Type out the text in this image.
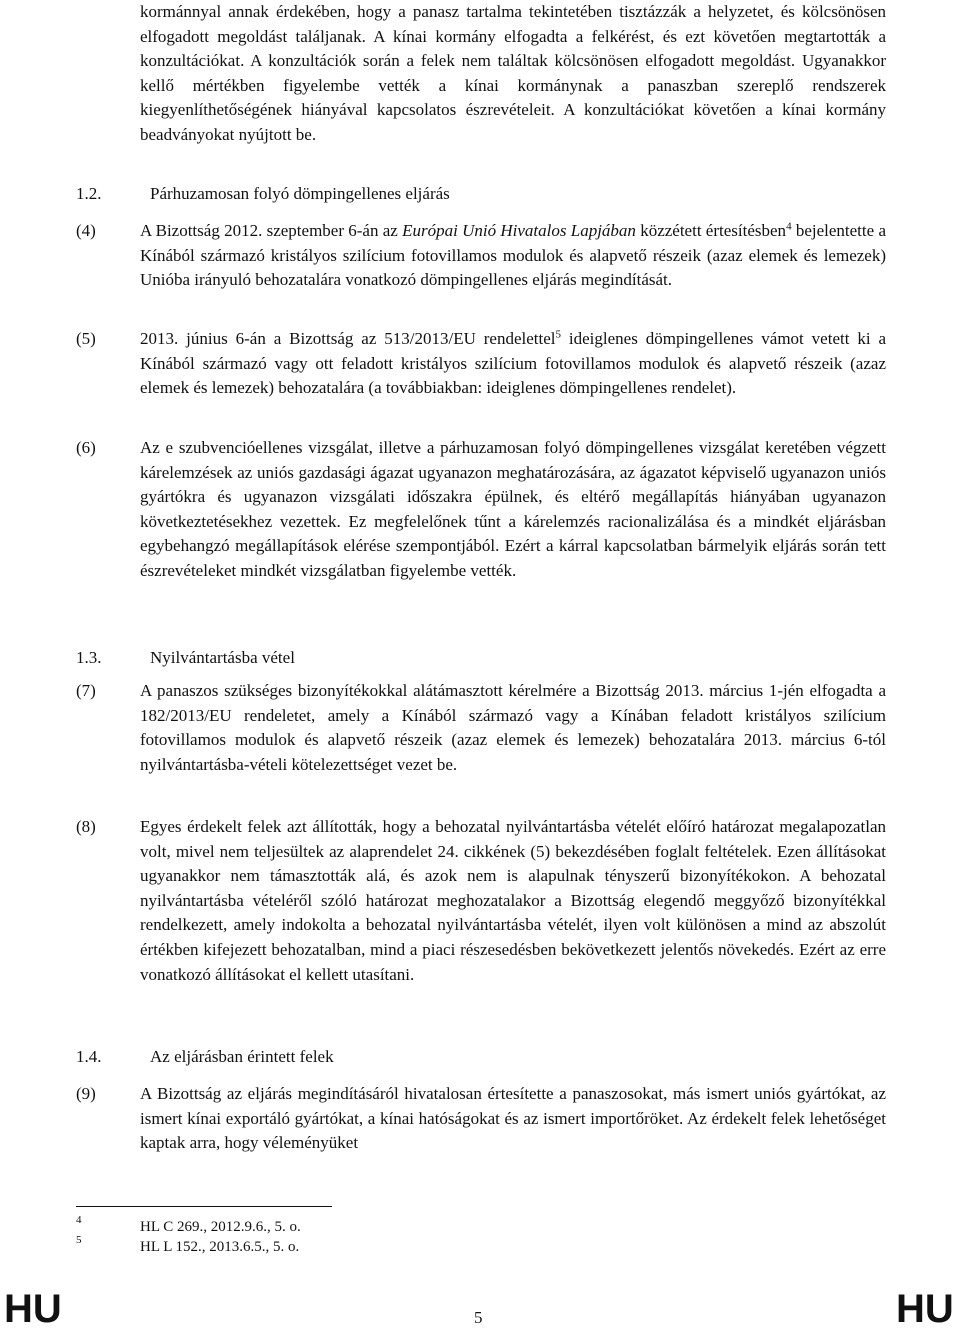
kormánnyal annak érdekében, hogy a panasz tartalma tekintetében tisztázzák a helyzetet, és kölcsönösen elfogadott megoldást találjanak. A kínai kormány elfogadta a felkérést, és ezt követően megtartották a konzultációkat. A konzultációk során a felek nem találtak kölcsönösen elfogadott megoldást. Ugyanakkor kellő mértékben figyelembe vették a kínai kormánynak a panaszban szereplő rendszerek kiegyenlíthetőségének hiányával kapcsolatos észrevételeit. A konzultációkat követően a kínai kormány beadványokat nyújtott be.

1.2.	Párhuzamosan folyó dömpingellenes eljárás
(4)	A Bizottság 2012. szeptember 6-án az Európai Unió Hivatalos Lapjában közzétett értesítésben$^4$ bejelentette a Kínából származó kristályos szilícium fotovillamos modulok és alapvető részeik (azaz elemek és lemezek) Unióba irányuló behozatalára vonatkozó dömpingellenes eljárás megindítását.

(5)	2013. június 6-án a Bizottság az 513/2013/EU rendelettel$^5$ ideiglenes dömpingellenes vámot vetett ki a Kínából származó vagy ott feladott kristályos szilícium fotovillamos modulok és alapvető részeik (azaz elemek és lemezek) behozatalára (a továbbiakban: ideiglenes dömpingellenes rendelet).

(6)	Az e szubvencióellenes vizsgálat, illetve a párhuzamosan folyó dömpingellenes vizsgálat keretében végzett kárelemzések az uniós gazdasági ágazat ugyanazon meghatározására, az ágazatot képviselő ugyanazon uniós gyártókra és ugyanazon vizsgálati időszakra épülnek, és eltérő megállapítás hiányában ugyanazon következtetésekhez vezettek. Ez megfelelőnek tűnt a kárelemzés racionalizálása és a mindkét eljárásban egybehangzó megállapítások elérése szempontjából. Ezért a kárral kapcsolatban bármelyik eljárás során tett észrevételeket mindkét vizsgálatban figyelembe vették.

1.3.	Nyilvántartásba vétel
(7)	A panaszos szükséges bizonyítékokkal alátámasztott kérelmére a Bizottság 2013. március 1-jén elfogadta a 182/2013/EU rendeletet, amely a Kínából származó vagy a Kínában feladott kristályos szilícium fotovillamos modulok és alapvető részeik (azaz elemek és lemezek) behozatalára 2013. március 6-tól nyilvántartásba-vételi kötelezettséget vezet be.

(8)	Egyes érdekelt felek azt állították, hogy a behozatal nyilvántartásba vételét előíró határozat megalapozatlan volt, mivel nem teljesültek az alaprendelet 24. cikkének (5) bekezdésében foglalt feltételek. Ezen állításokat ugyanakkor nem támasztották alá, és azok nem is alapulnak tényszerű bizonyítékokon. A behozatal nyilvántartásba vételéről szóló határozat meghozatalakor a Bizottság elegendő meggyőző bizonyítékkal rendelkezett, amely indokolta a behozatal nyilvántartásba vételét, ilyen volt különösen a mind az abszolút értékben kifejezett behozatalban, mind a piaci részesedésben bekövetkezett jelentős növekedés. Ezért az erre vonatkozó állításokat el kellett utasítani.

1.4.	Az eljárásban érintett felek
(9)	A Bizottság az eljárás megindításáról hivatalosan értesítette a panaszosokat, más ismert uniós gyártókat, az ismert kínai exportáló gyártókat, a kínai hatóságokat és az ismert importőröket. Az érdekelt felek lehetőséget kaptak arra, hogy véleményüket

4	HL C 269., 2012.9.6., 5. o.
5	HL L 152., 2013.6.5., 5. o.
HU	5	HU
